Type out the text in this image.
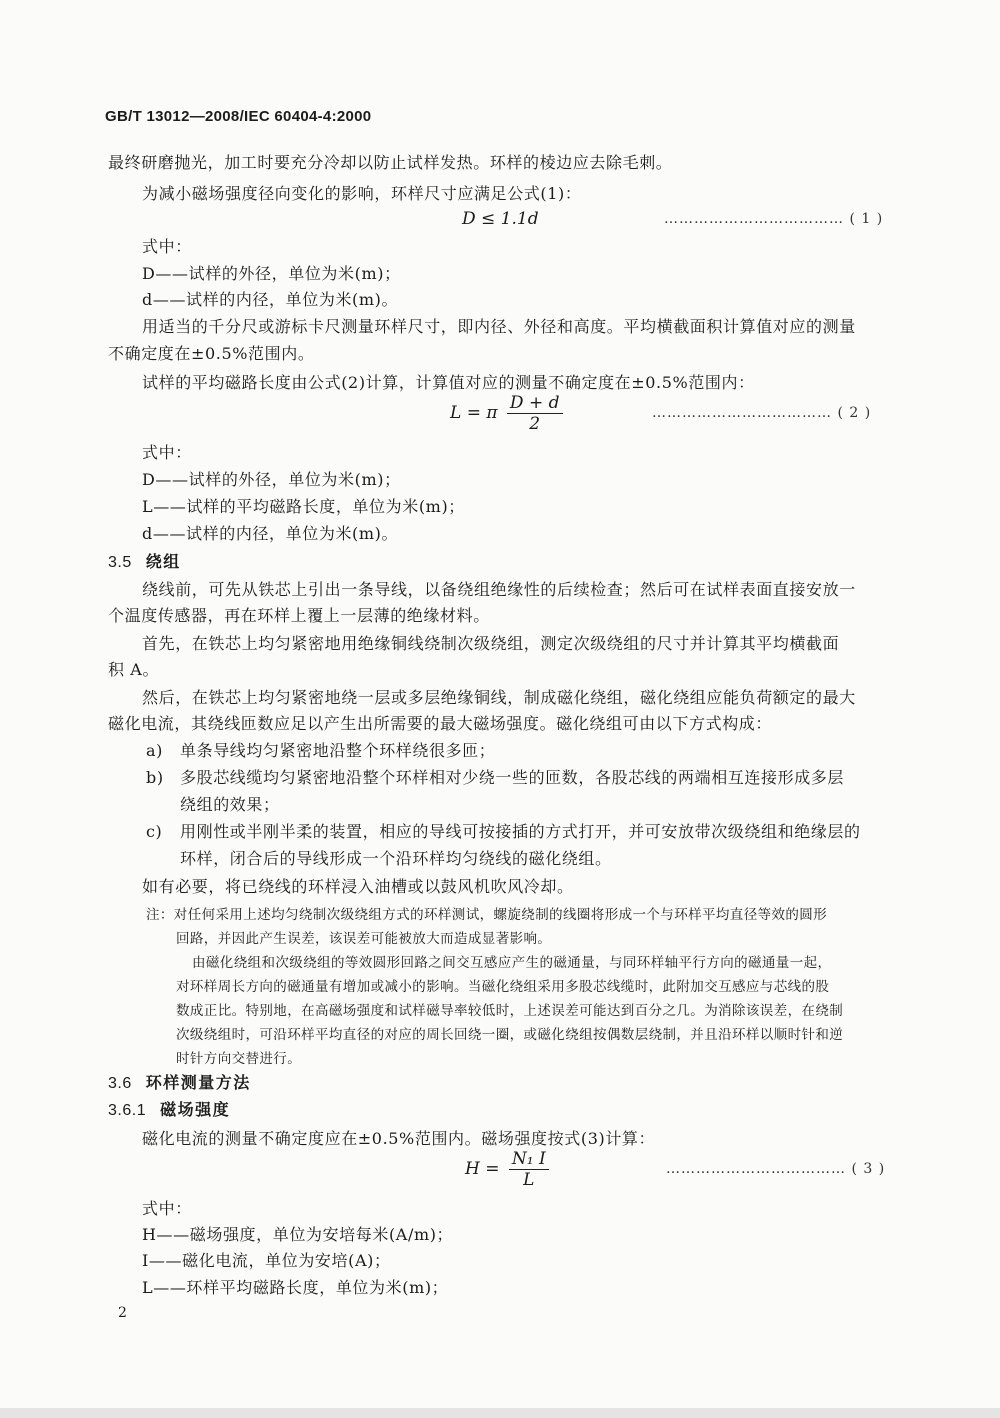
GB/T 13012—2008/IEC 60404-4:2000
最终研磨抛光，加工时要充分冷却以防止试样发热。环样的棱边应去除毛刺。
为减小磁场强度径向变化的影响，环样尺寸应满足公式(1)：
D ≤ 1.1d	……………………………… ( 1 )
式中：
D——试样的外径，单位为米(m)；
d——试样的内径，单位为米(m)。
用适当的千分尺或游标卡尺测量环样尺寸，即内径、外径和高度。平均横截面积计算值对应的测量
不确定度在±0.5%范围内。
试样的平均磁路长度由公式(2)计算，计算值对应的测量不确定度在±0.5%范围内：
L = π $\frac{D + d}{2}$	……………………………… ( 2 )
式中：
D——试样的外径，单位为米(m)；
L——试样的平均磁路长度，单位为米(m)；
d——试样的内径，单位为米(m)。
3.5 绕组
绕线前，可先从铁芯上引出一条导线，以备绕组绝缘性的后续检查；然后可在试样表面直接安放一
个温度传感器，再在环样上覆上一层薄的绝缘材料。
首先，在铁芯上均匀紧密地用绝缘铜线绕制次级绕组，测定次级绕组的尺寸并计算其平均横截面
积 A。
然后，在铁芯上均匀紧密地绕一层或多层绝缘铜线，制成磁化绕组，磁化绕组应能负荷额定的最大
磁化电流，其绕线匝数应足以产生出所需要的最大磁场强度。磁化绕组可由以下方式构成：
a) 单条导线均匀紧密地沿整个环样绕很多匝；
b) 多股芯线缆均匀紧密地沿整个环样相对少绕一些的匝数，各股芯线的两端相互连接形成多层
绕组的效果；
c) 用刚性或半刚半柔的装置，相应的导线可按接插的方式打开，并可安放带次级绕组和绝缘层的
环样，闭合后的导线形成一个沿环样均匀绕线的磁化绕组。
如有必要，将已绕线的环样浸入油槽或以鼓风机吹风冷却。
注：对任何采用上述均匀绕制次级绕组方式的环样测试，螺旋绕制的线圈将形成一个与环样平均直径等效的圆形
回路，并因此产生误差，该误差可能被放大而造成显著影响。
由磁化绕组和次级绕组的等效圆形回路之间交互感应产生的磁通量，与同环样轴平行方向的磁通量一起，
对环样周长方向的磁通量有增加或减小的影响。当磁化绕组采用多股芯线缆时，此附加交互感应与芯线的股
数成正比。特别地，在高磁场强度和试样磁导率较低时，上述误差可能达到百分之几。为消除该误差，在绕制
次级绕组时，可沿环样平均直径的对应的周长回绕一圈，或磁化绕组按偶数层绕制，并且沿环样以顺时针和逆
时针方向交替进行。
3.6 环样测量方法
3.6.1 磁场强度
磁化电流的测量不确定度应在±0.5%范围内。磁场强度按式(3)计算：
$H = \frac{\text{N₁ I}}{L}$	……………………………… ( 3 )
式中：
H——磁场强度，单位为安培每米(A/m)；
I——磁化电流，单位为安培(A)；
L——环样平均磁路长度，单位为米(m)；
2
